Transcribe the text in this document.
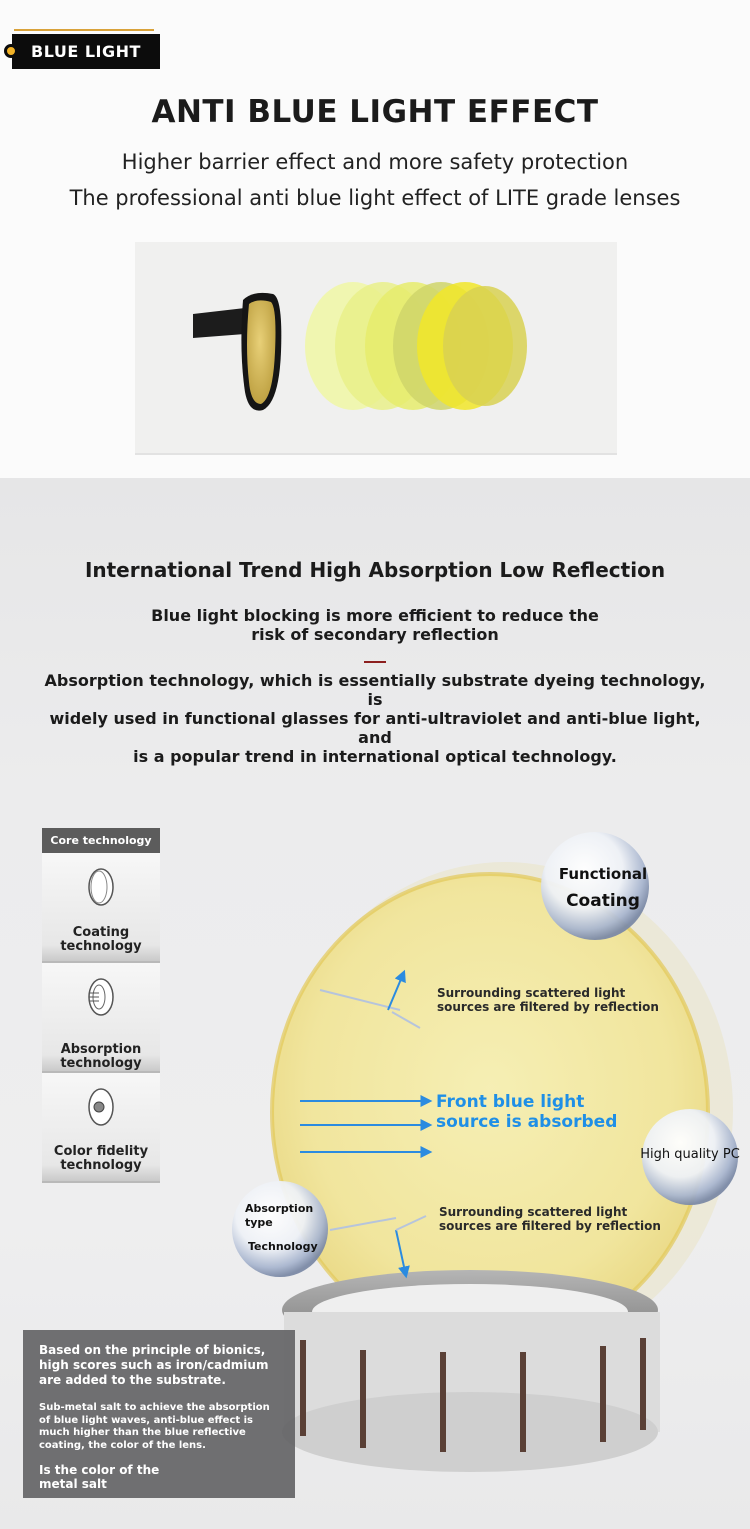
BLUE LIGHT
ANTI BLUE LIGHT EFFECT
Higher barrier effect and more safety protection
The professional anti blue light effect of LITE grade lenses
International Trend High Absorption Low Reflection
Blue light blocking is more efficient to reduce the
risk of secondary reflection
Absorption technology, which is essentially substrate dyeing technology, is
widely used in functional glasses for anti-ultraviolet and anti-blue light, and
is a popular trend in international optical technology.
Functional
Coating
High quality PC
Absorption
type
Technology
Surrounding scattered light
sources are filtered by reflection
Front blue light
source is absorbed
Surrounding scattered light
sources are filtered by reflection
Core technology
Coating
technology
Absorption
technology
Color fidelity
technology

Based on the principle of bionics,
high scores such as iron/cadmium
are added to the substrate.

Sub-metal salt to achieve the absorption
of blue light waves, anti-blue effect is
much higher than the blue reflective
coating, the color of the lens.

Is the color of the
metal salt
